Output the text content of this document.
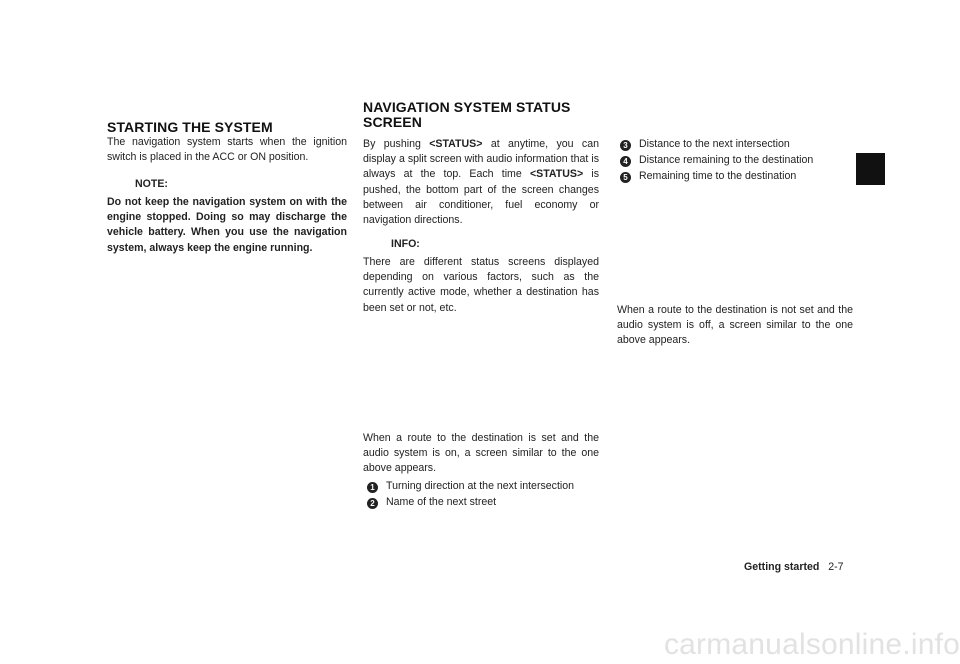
STARTING THE SYSTEM

The navigation system starts when the ignition switch is placed in the ACC or ON position.

NOTE:

Do not keep the navigation system on with the engine stopped. Doing so may discharge the vehicle battery. When you use the navigation system, always keep the engine running.

NAVIGATION SYSTEM STATUS
SCREEN

By pushing <STATUS> at anytime, you can display a split screen with audio information that is always at the top. Each time <STATUS> is pushed, the bottom part of the screen changes between air conditioner, fuel economy or navigation directions.

INFO:

There are different status screens displayed depending on various factors, such as the currently active mode, whether a destination has been set or not, etc.

When a route to the destination is set and the audio system is on, a screen similar to the one above appears.

1 Turning direction at the next intersection
2 Name of the next street
3 Distance to the next intersection
4 Distance remaining to the destination
5 Remaining time to the destination

When a route to the destination is not set and the audio system is off, a screen similar to the one above appears.

Getting started 2-7
carmanualsonline.info
